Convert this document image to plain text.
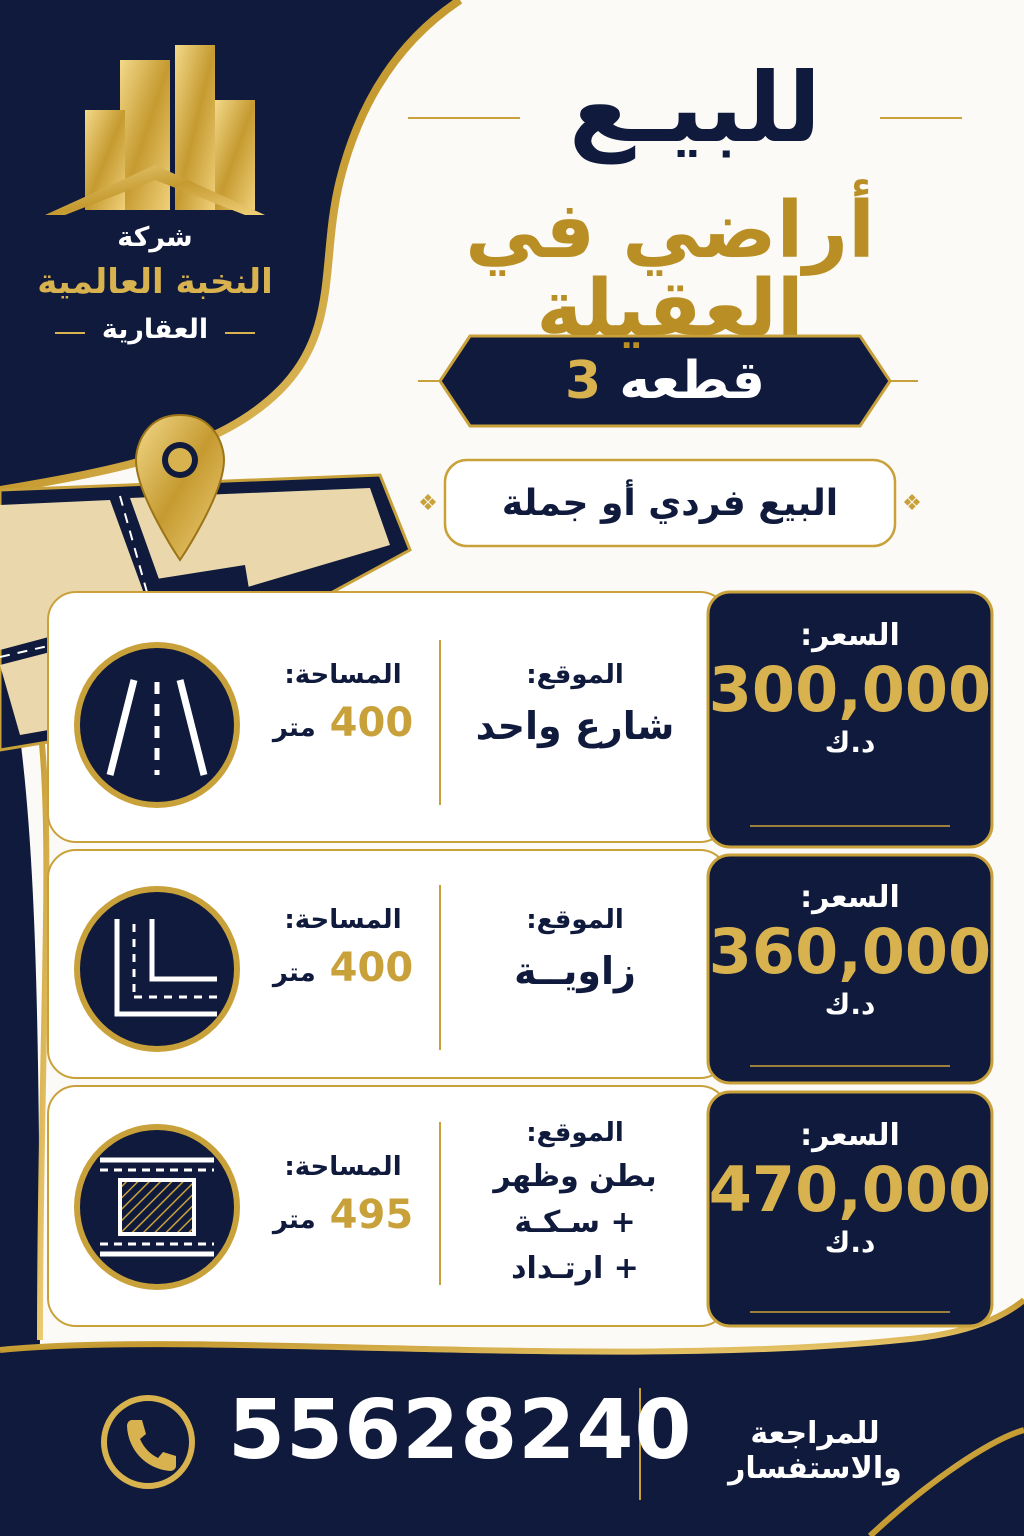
❖	❖
شركة
النخبة العالمية
العقارية
للبيـع
أراضي في العقيلة
قطعه 3
البيع فردي أو جملة
السعر:
300,000
د.ك
الموقع:
شارع واحد
المساحة:
400 متر
السعر:
360,000
د.ك
الموقع:
زاويــة
المساحة:
400 متر
السعر:
470,000
د.ك
الموقع:
بطن وظهر
+ سـكـة
+ ارتـداد
المساحة:
495 متر
55628240	للمراجعة والاستفسار
